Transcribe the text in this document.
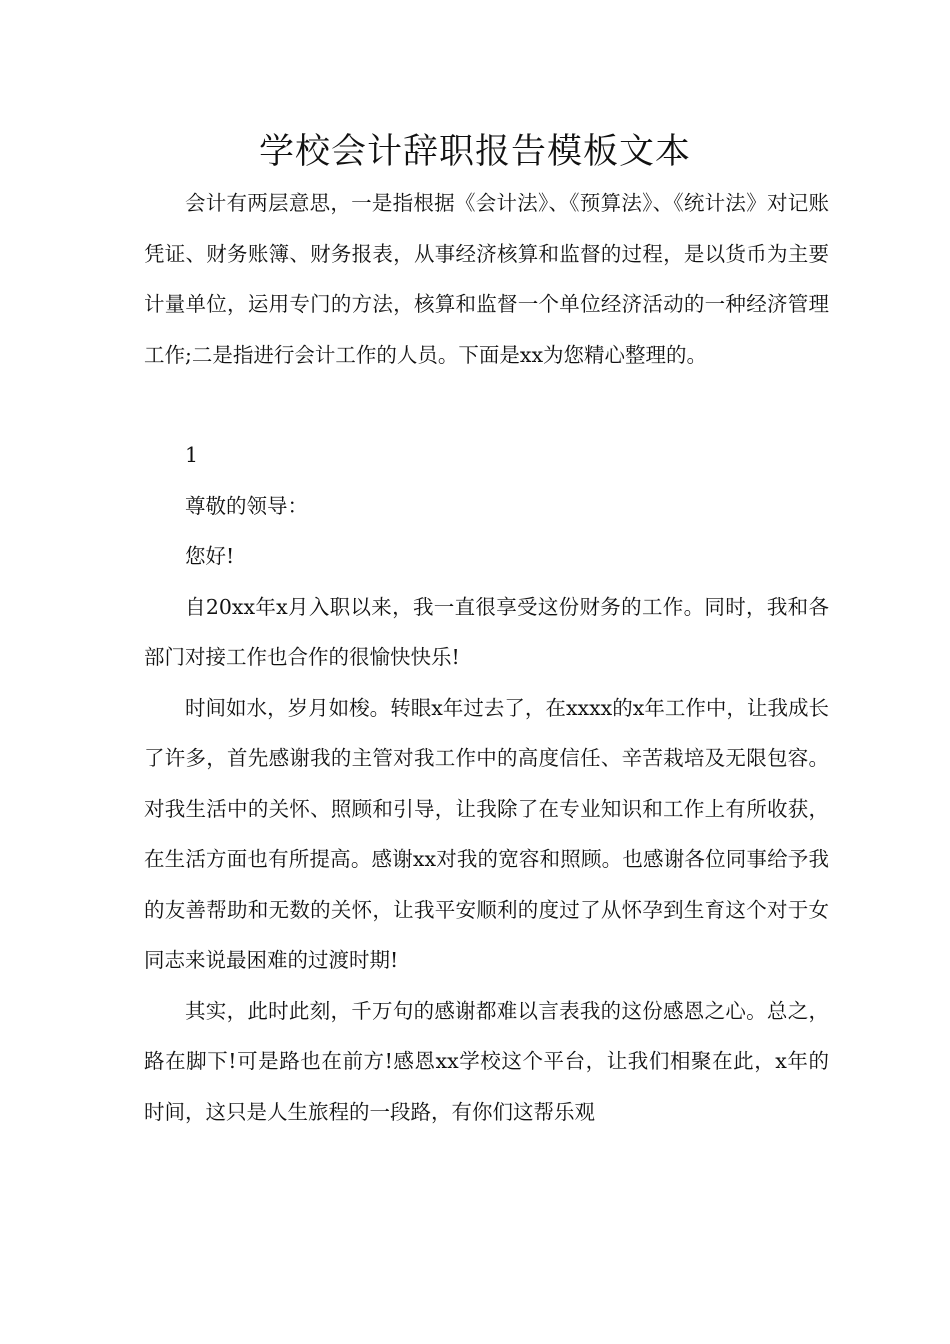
学校会计辞职报告模板文本

会计有两层意思，一是指根据《会计法》、《预算法》、《统计法》对记账凭证、财务账簿、财务报表，从事经济核算和监督的过程，是以货币为主要计量单位，运用专门的方法，核算和监督一个单位经济活动的一种经济管理工作;二是指进行会计工作的人员。下面是xx为您精心整理的。

1

尊敬的领导：

您好!

自20xx年x月入职以来，我一直很享受这份财务的工作。同时，我和各部门对接工作也合作的很愉快快乐!

时间如水，岁月如梭。转眼x年过去了，在xxxx的x年工作中，让我成长了许多，首先感谢我的主管对我工作中的高度信任、辛苦栽培及无限包容。对我生活中的关怀、照顾和引导，让我除了在专业知识和工作上有所收获，在生活方面也有所提高。感谢xx对我的宽容和照顾。也感谢各位同事给予我的友善帮助和无数的关怀，让我平安顺利的度过了从怀孕到生育这个对于女同志来说最困难的过渡时期!

其实，此时此刻，千万句的感谢都难以言表我的这份感恩之心。总之，路在脚下!可是路也在前方!感恩xx学校这个平台，让我们相聚在此，x年的时间，这只是人生旅程的一段路，有你们这帮乐观
